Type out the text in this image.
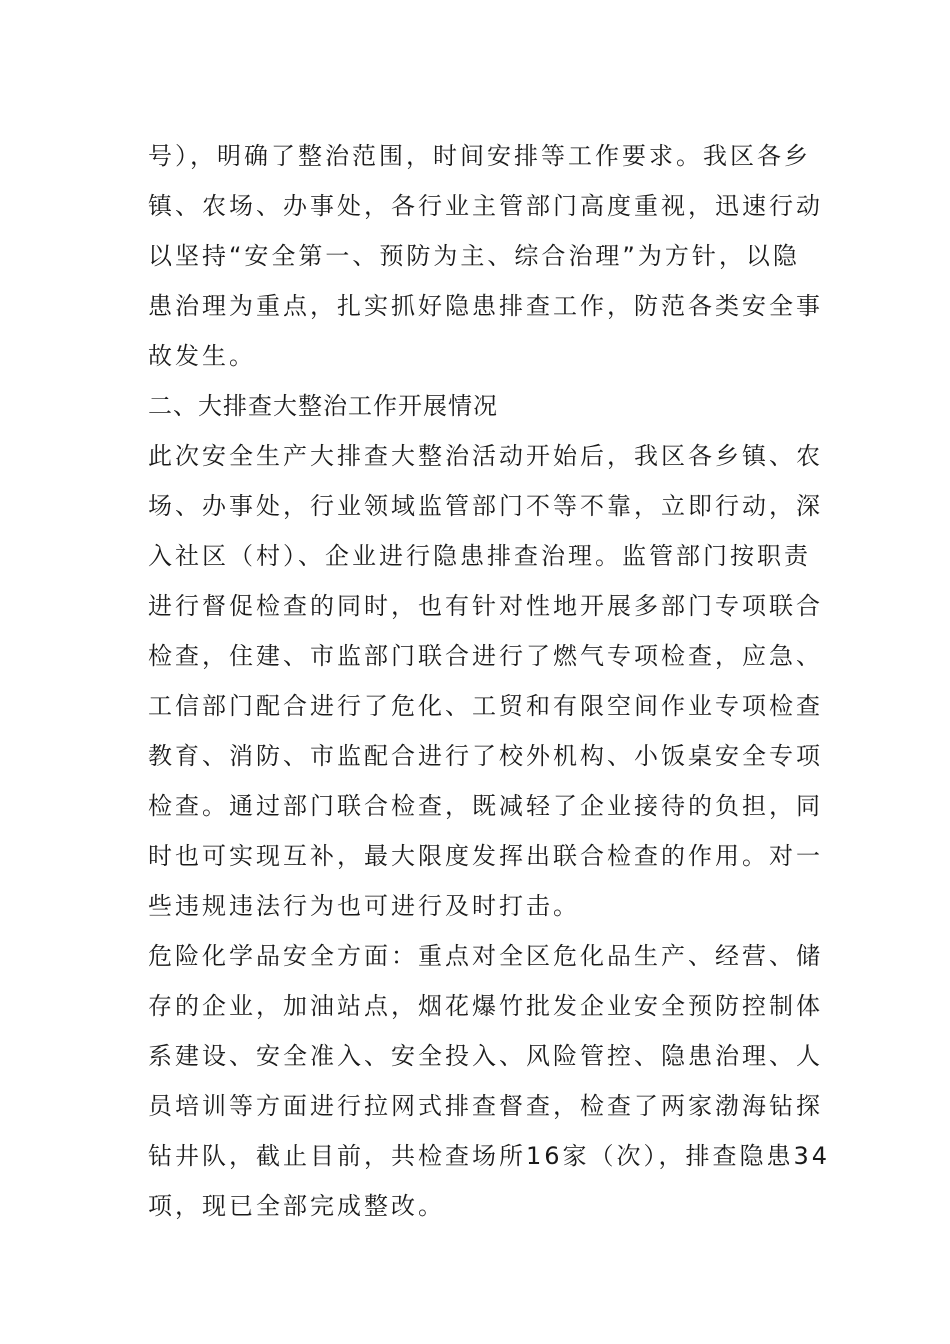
号），明确了整治范围，时间安排等工作要求。我区各乡
镇、农场、办事处，各行业主管部门高度重视，迅速行动
以坚持“安全第一、预防为主、综合治理”为方针，以隐
患治理为重点，扎实抓好隐患排查工作，防范各类安全事
故发生。
二、大排查大整治工作开展情况
此次安全生产大排查大整治活动开始后，我区各乡镇、农
场、办事处，行业领域监管部门不等不靠，立即行动，深
入社区（村）、企业进行隐患排查治理。监管部门按职责
进行督促检查的同时，也有针对性地开展多部门专项联合
检查，住建、市监部门联合进行了燃气专项检查，应急、
工信部门配合进行了危化、工贸和有限空间作业专项检查
教育、消防、市监配合进行了校外机构、小饭桌安全专项
检查。通过部门联合检查，既减轻了企业接待的负担，同
时也可实现互补，最大限度发挥出联合检查的作用。对一
些违规违法行为也可进行及时打击。
危险化学品安全方面：重点对全区危化品生产、经营、储
存的企业，加油站点，烟花爆竹批发企业安全预防控制体
系建设、安全准入、安全投入、风险管控、隐患治理、人
员培训等方面进行拉网式排查督查，检查了两家渤海钻探
钻井队，截止目前，共检查场所16家（次），排查隐患34
项，现已全部完成整改。
